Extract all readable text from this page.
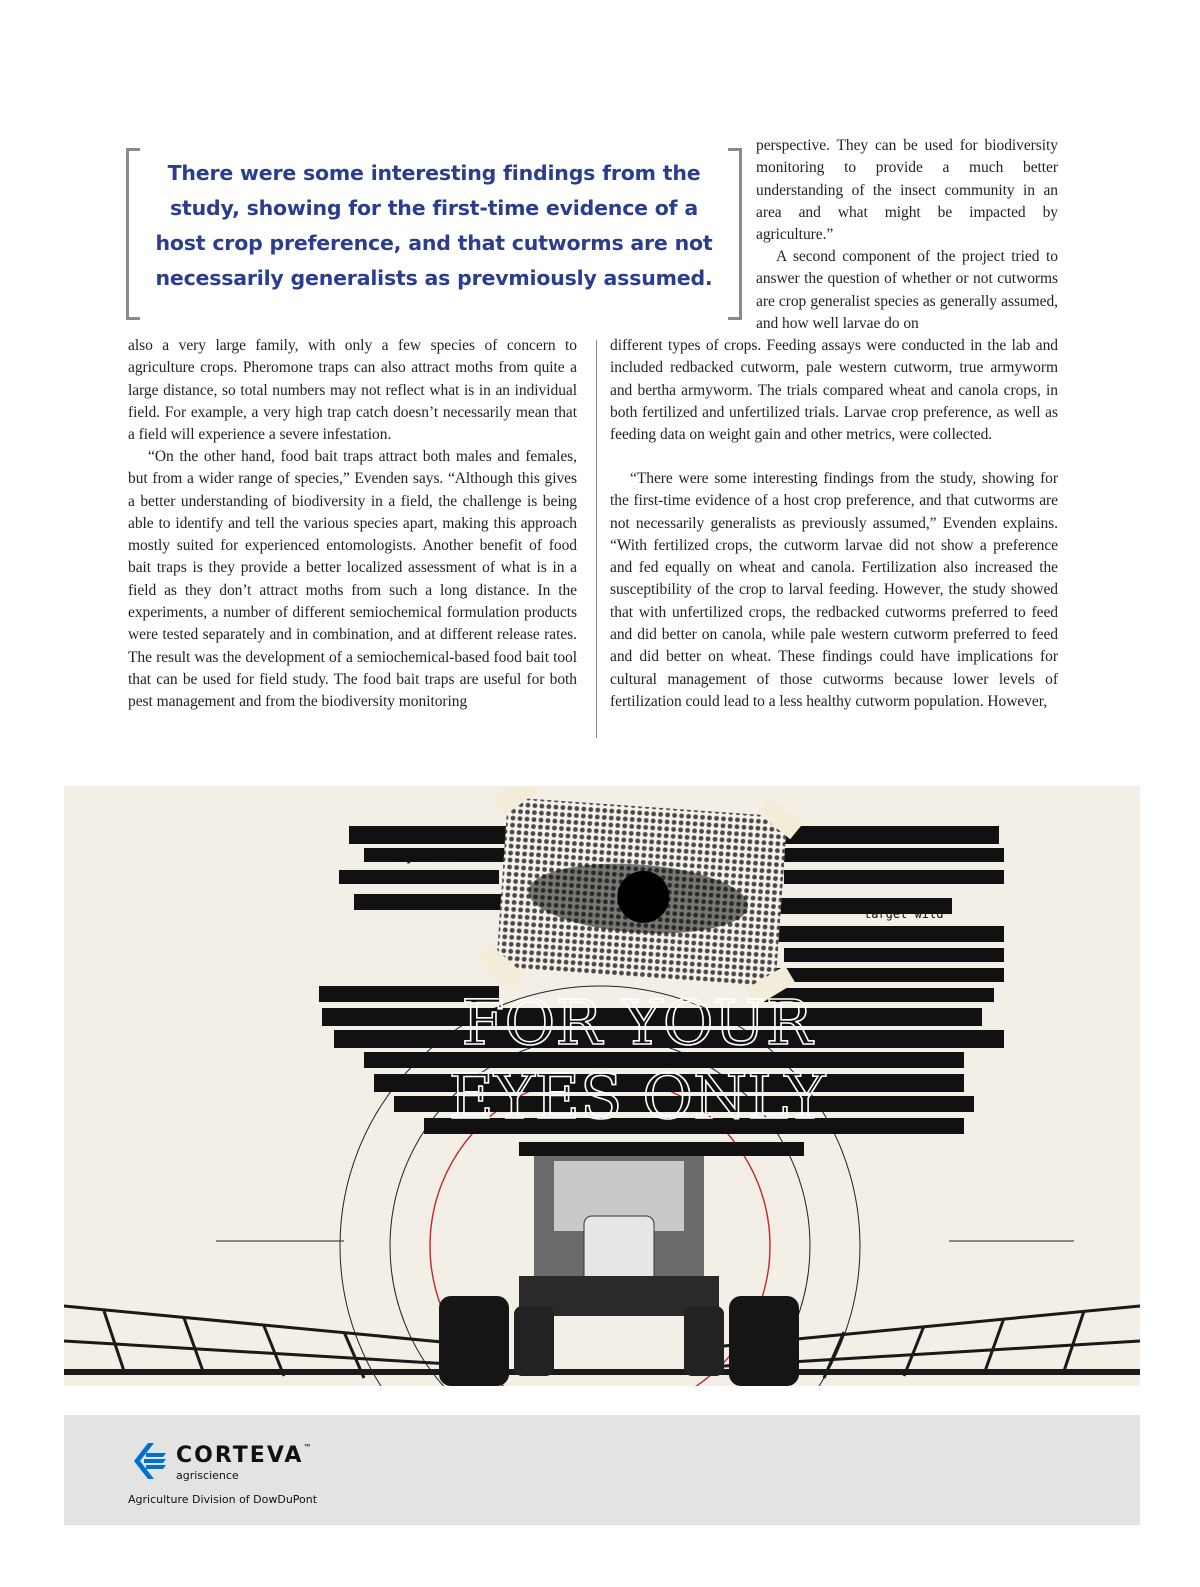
There were some interesting findings from the study, showing for the first-time evidence of a host crop preference, and that cutworms are not necessarily generalists as prevmiously assumed.

perspective. They can be used for biodiversity monitoring to provide a much better understanding of the insect community in an area and what might be impacted by agriculture.”

A second component of the project tried to answer the question of whether or not cutworms are crop generalist species as generally assumed, and how well larvae do on

also a very large family, with only a few species of concern to agriculture crops. Pheromone traps can also attract moths from quite a large distance, so total numbers may not reflect what is in an individual field. For example, a very high trap catch doesn’t necessarily mean that a field will experience a severe infestation.

“On the other hand, food bait traps attract both males and females, but from a wider range of species,” Evenden says. “Although this gives a better understanding of biodiversity in a field, the challenge is being able to identify and tell the various species apart, making this approach mostly suited for experienced entomologists. Another benefit of food bait traps is they provide a better localized assessment of what is in a field as they don’t attract moths from such a long distance. In the experiments, a number of different semiochemical formulation products were tested separately and in combination, and at different release rates. The result was the development of a semiochemical-based food bait tool that can be used for field study. The food bait traps are useful for both pest management and from the biodiversity monitoring

different types of crops. Feeding assays were conducted in the lab and included redbacked cutworm, pale western cutworm, true armyworm and bertha armyworm. The trials compared wheat and canola crops, in both fertilized and unfertilized trials. Larvae crop preference, as well as feeding data on weight gain and other metrics, were collected.

“There were some interesting findings from the study, showing for the first-time evidence of a host crop preference, and that cutworms are not necessarily generalists as previously assumed,” Evenden explains. “With fertilized crops, the cutworm larvae did not show a preference and fed equally on wheat and canola. Fertilization also increased the susceptibility of the crop to larval feeding. However, the study showed that with unfertilized crops, the redbacked cutworms preferred to feed and did better on canola, while pale western cutworm preferred to feed and did better on wheat. These findings could have implications for cultural management of those cutworms because lower levels of fertilization could lead to a less healthy cutworm population. However,

FOR YOUR
EYES ONLY
Arylex™ Active
target wild
CORTEVA™
agriscience
Agriculture Division of DowDuPont
